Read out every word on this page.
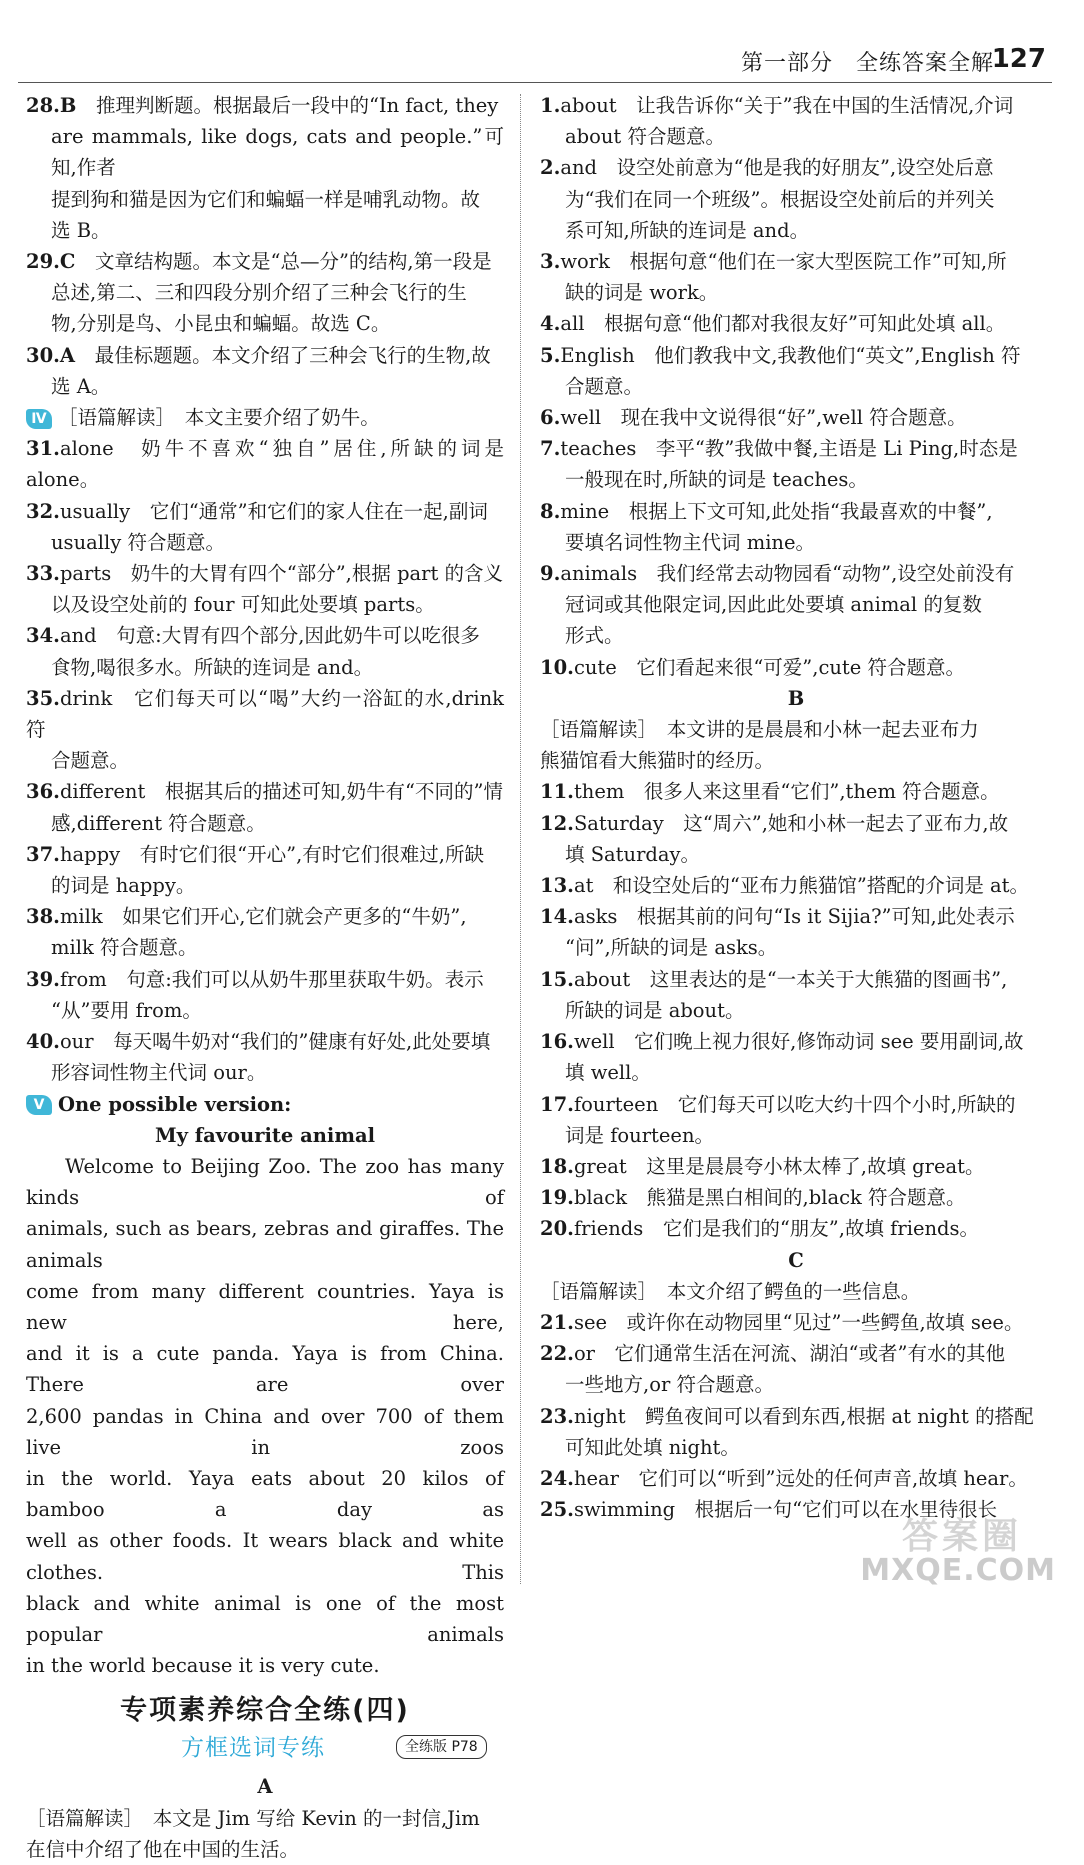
第一部分　全练答案全解
127
28.B　 推理判断题。根据最后一段中的“In fact, they
are mammals, like dogs, cats and people.”可知,作者
提到狗和猫是因为它们和蝙蝠一样是哺乳动物。故
选 B。
29.C　 文章结构题。本文是“总—分”的结构,第一段是
总述,第二、三和四段分别介绍了三种会飞行的生
物,分别是鸟、小昆虫和蝙蝠。故选 C。
30.A　 最佳标题题。本文介绍了三种会飞行的生物,故
选 A。
Ⅳ ［语篇解读］　本文主要介绍了奶牛。
31.alone　 奶牛不喜欢“独自”居住,所缺的词是 alone。
32.usually　 它们“通常”和它们的家人住在一起,副词
usually 符合题意。
33.parts　 奶牛的大胃有四个“部分”,根据 part 的含义
以及设空处前的 four 可知此处要填 parts。
34.and　 句意:大胃有四个部分,因此奶牛可以吃很多
食物,喝很多水。所缺的连词是 and。
35.drink　 它们每天可以“喝”大约一浴缸的水,drink 符
合题意。
36.different　 根据其后的描述可知,奶牛有“不同的”情
感,different 符合题意。
37.happy　 有时它们很“开心”,有时它们很难过,所缺
的词是 happy。
38.milk　 如果它们开心,它们就会产更多的“牛奶”,
milk 符合题意。
39.from　 句意:我们可以从奶牛那里获取牛奶。表示
“从”要用 from。
40.our　 每天喝牛奶对“我们的”健康有好处,此处要填
形容词性物主代词 our。
Ⅴ One possible version:
My favourite animal
Welcome to Beijing Zoo. The zoo has many kinds of
animals, such as bears, zebras and giraffes. The animals
come from many different countries. Yaya is new here,
and it is a cute panda. Yaya is from China. There are over
2,600 pandas in China and over 700 of them live in zoos
in the world. Yaya eats about 20 kilos of bamboo a day as
well as other foods. It wears black and white clothes. This
black and white animal is one of the most popular animals
in the world because it is very cute.
专项素养综合全练(四)
方框选词专练	全练版 P78
A
［语篇解读］　本文是 Jim 写给 Kevin 的一封信,Jim
在信中介绍了他在中国的生活。
1.about　 让我告诉你“关于”我在中国的生活情况,介词
about 符合题意。
2.and　 设空处前意为“他是我的好朋友”,设空处后意
为“我们在同一个班级”。根据设空处前后的并列关
系可知,所缺的连词是 and。
3.work　 根据句意“他们在一家大型医院工作”可知,所
缺的词是 work。
4.all　 根据句意“他们都对我很友好”可知此处填 all。
5.English　 他们教我中文,我教他们“英文”,English 符
合题意。
6.well　 现在我中文说得很“好”,well 符合题意。
7.teaches　 李平“教”我做中餐,主语是 Li Ping,时态是
一般现在时,所缺的词是 teaches。
8.mine　 根据上下文可知,此处指“我最喜欢的中餐”,
要填名词性物主代词 mine。
9.animals　 我们经常去动物园看“动物”,设空处前没有
冠词或其他限定词,因此此处要填 animal 的复数
形式。
10.cute　 它们看起来很“可爱”,cute 符合题意。
B
［语篇解读］　本文讲的是晨晨和小林一起去亚布力
熊猫馆看大熊猫时的经历。
11.them　 很多人来这里看“它们”,them 符合题意。
12.Saturday　 这“周六”,她和小林一起去了亚布力,故
填 Saturday。
13.at　 和设空处后的“亚布力熊猫馆”搭配的介词是 at。
14.asks　 根据其前的问句“Is it Sijia?”可知,此处表示
“问”,所缺的词是 asks。
15.about　 这里表达的是“一本关于大熊猫的图画书”,
所缺的词是 about。
16.well　 它们晚上视力很好,修饰动词 see 要用副词,故
填 well。
17.fourteen　 它们每天可以吃大约十四个小时,所缺的
词是 fourteen。
18.great　 这里是晨晨夸小林太棒了,故填 great。
19.black　 熊猫是黑白相间的,black 符合题意。
20.friends　 它们是我们的“朋友”,故填 friends。
C
［语篇解读］　本文介绍了鳄鱼的一些信息。
21.see　 或许你在动物园里“见过”一些鳄鱼,故填 see。
22.or　 它们通常生活在河流、湖泊“或者”有水的其他
一些地方,or 符合题意。
23.night　 鳄鱼夜间可以看到东西,根据 at night 的搭配
可知此处填 night。
24.hear　 它们可以“听到”远处的任何声音,故填 hear。
25.swimming　 根据后一句“它们可以在水里待很长
答案圈
MXQE.COM
